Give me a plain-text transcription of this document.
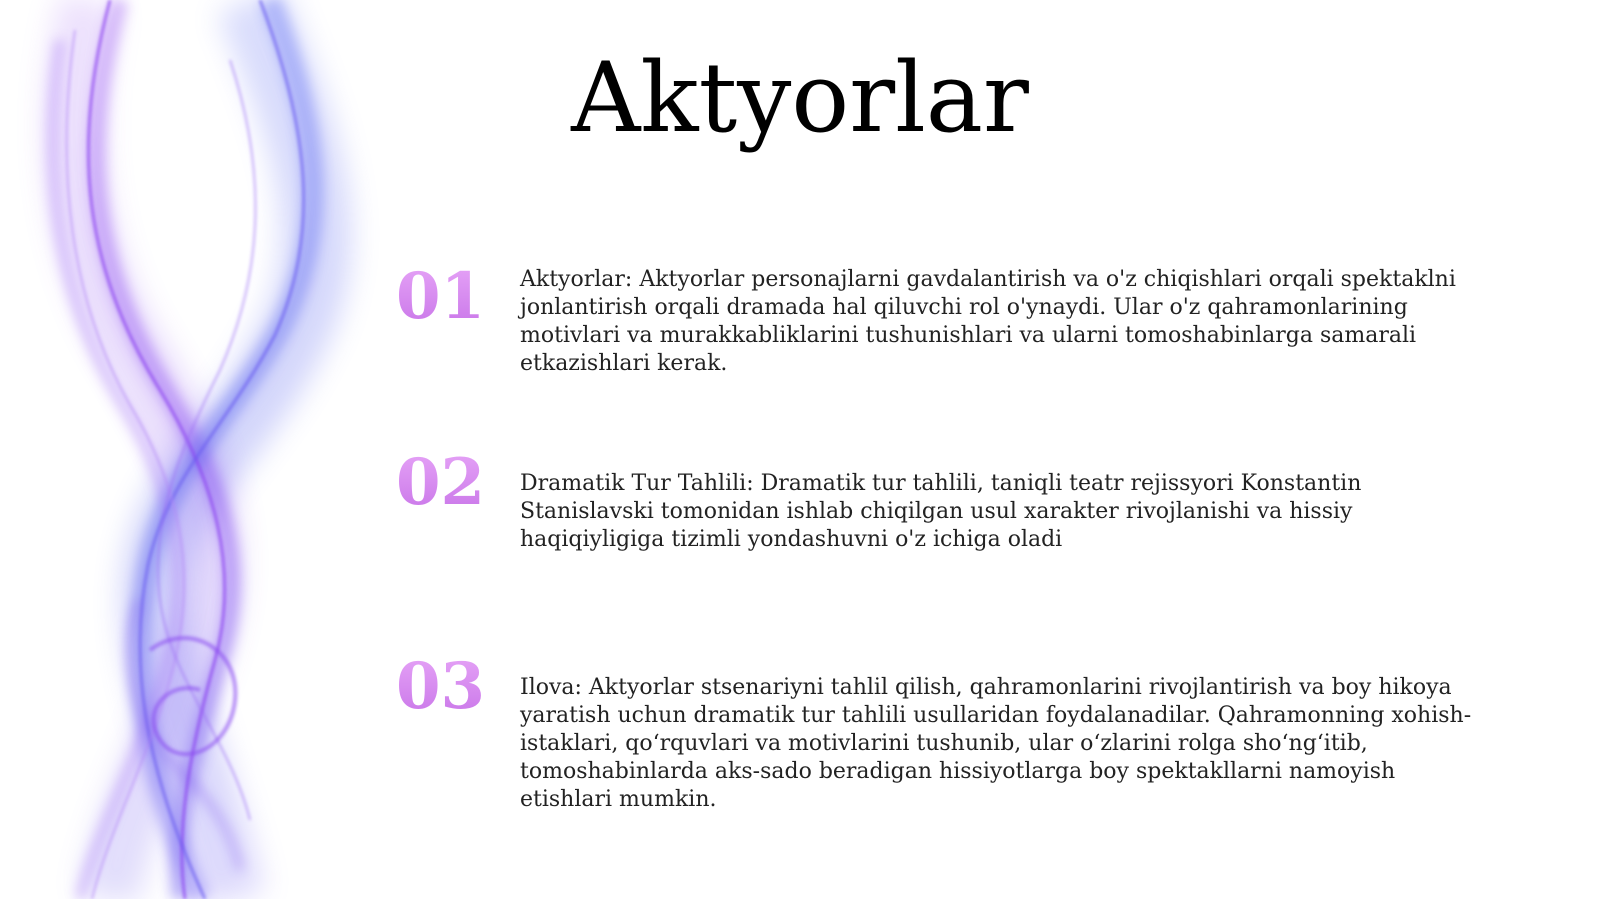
Aktyorlar
01	Aktyorlar: Aktyorlar personajlarni gavdalantirish va o'z chiqishlari orqali spektaklni jonlantirish orqali dramada hal qiluvchi rol o'ynaydi. Ular o'z qahramonlarining motivlari va murakkabliklarini tushunishlari va ularni tomoshabinlarga samarali etkazishlari kerak.

02	Dramatik Tur Tahlili: Dramatik tur tahlili, taniqli teatr rejissyori Konstantin Stanislavski tomonidan ishlab chiqilgan usul xarakter rivojlanishi va hissiy haqiqiyligiga tizimli yondashuvni o'z ichiga oladi

03	Ilova: Aktyorlar stsenariyni tahlil qilish, qahramonlarini rivojlantirish va boy hikoya yaratish uchun dramatik tur tahlili usullaridan foydalanadilar. Qahramonning xohish-istaklari, qo‘rquvlari va motivlarini tushunib, ular o‘zlarini rolga sho‘ng‘itib, tomoshabinlarda aks-sado beradigan hissiyotlarga boy spektakllarni namoyish etishlari mumkin.
